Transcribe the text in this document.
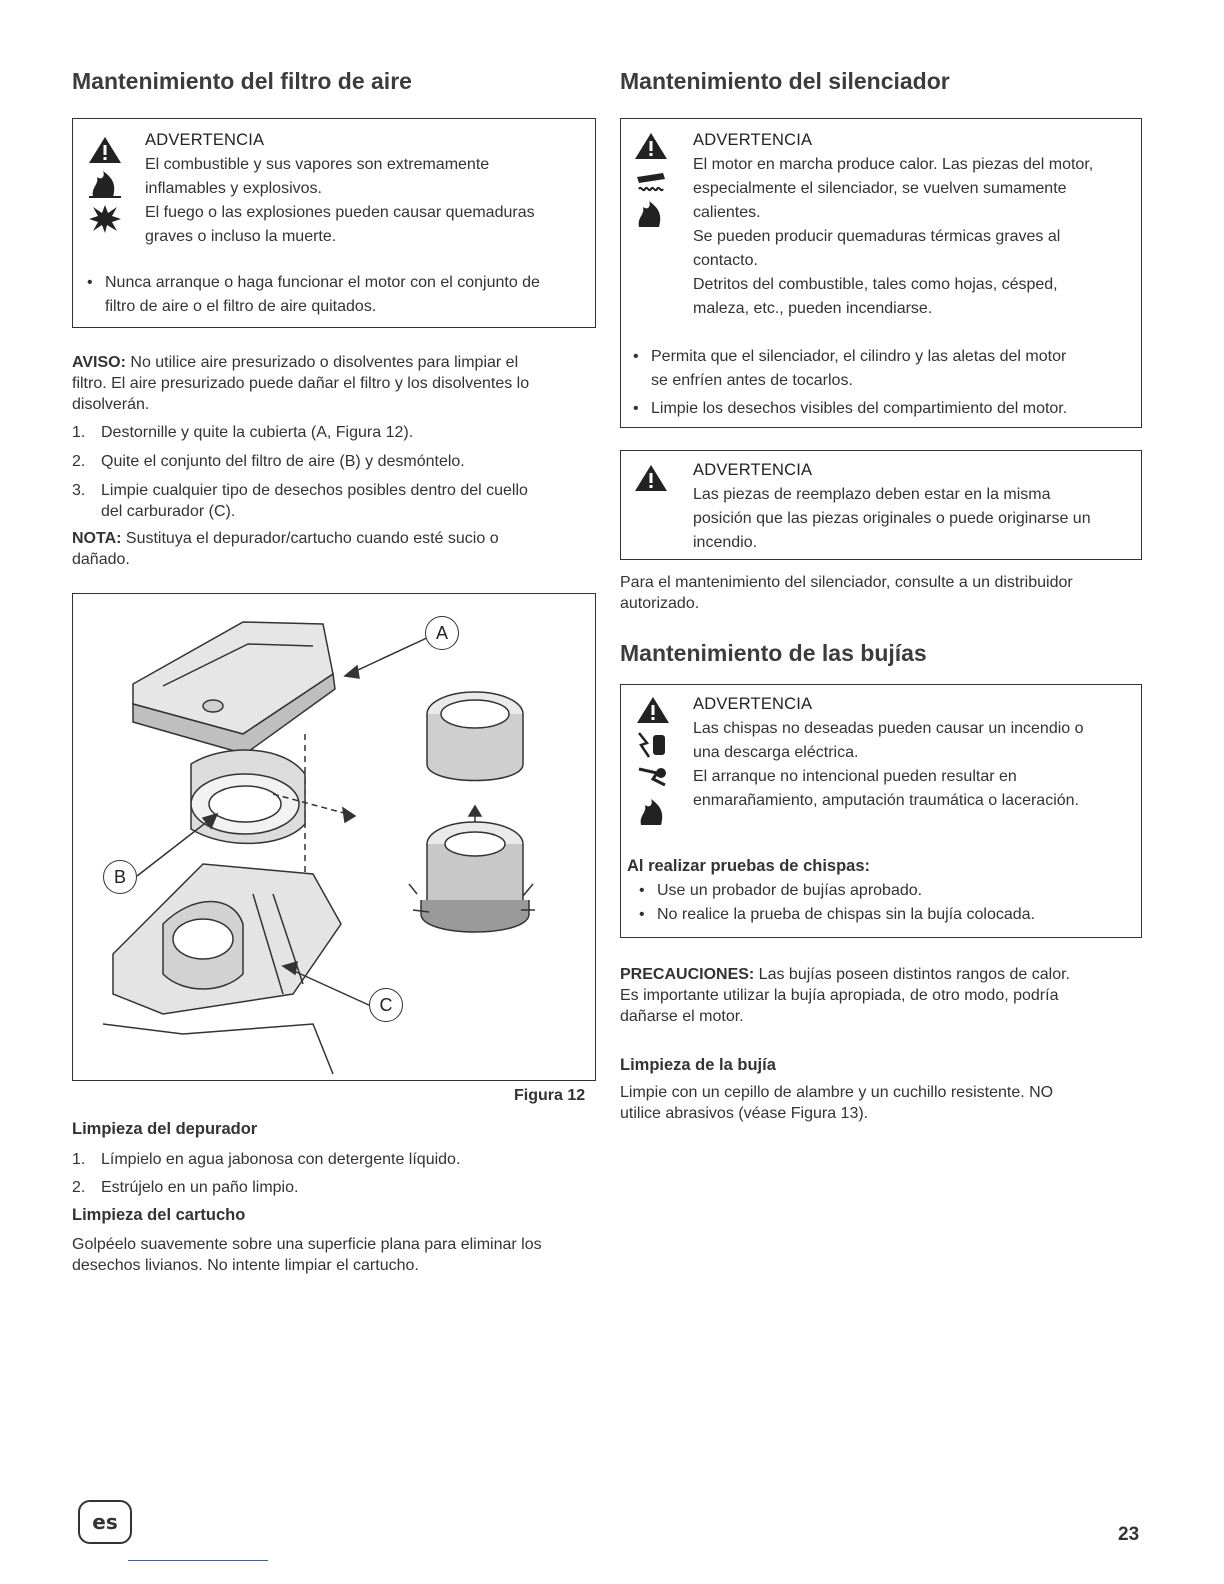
Mantenimiento del filtro de aire
ADVERTENCIA
El combustible y sus vapores son extremamente
inflamables y explosivos.
El fuego o las explosiones pueden causar quemaduras
graves o incluso la muerte.
• Nunca arranque o haga funcionar el motor con el conjunto de
filtro de aire o el filtro de aire quitados.
AVISO: No utilice aire presurizado o disolventes para limpiar el
filtro. El aire presurizado puede dañar el filtro y los disolventes lo
disolverán.
1. Destornille y quite la cubierta (A, Figura 12).
2. Quite el conjunto del filtro de aire (B) y desmóntelo.
3. Limpie cualquier tipo de desechos posibles dentro del cuello
del carburador (C).
NOTA: Sustituya el depurador/cartucho cuando esté sucio o
dañado.
A
B
C
Figura 12
Limpieza del depurador
1. Límpielo en agua jabonosa con detergente líquido.
2. Estrújelo en un paño limpio.
Limpieza del cartucho
Golpéelo suavemente sobre una superficie plana para eliminar los
desechos livianos. No intente limpiar el cartucho.
Mantenimiento del silenciador
ADVERTENCIA
El motor en marcha produce calor. Las piezas del motor,
especialmente el silenciador, se vuelven sumamente
calientes.
Se pueden producir quemaduras térmicas graves al
contacto.
Detritos del combustible, tales como hojas, césped,
maleza, etc., pueden incendiarse.
• Permita que el silenciador, el cilindro y las aletas del motor
se enfríen antes de tocarlos.
• Limpie los desechos visibles del compartimiento del motor.
ADVERTENCIA
Las piezas de reemplazo deben estar en la misma
posición que las piezas originales o puede originarse un
incendio.
Para el mantenimiento del silenciador, consulte a un distribuidor
autorizado.
Mantenimiento de las bujías
ADVERTENCIA
Las chispas no deseadas pueden causar un incendio o
una descarga eléctrica.
El arranque no intencional pueden resultar en
enmarañamiento, amputación traumática o laceración.
Al realizar pruebas de chispas:
• Use un probador de bujías aprobado.
• No realice la prueba de chispas sin la bujía colocada.
PRECAUCIONES: Las bujías poseen distintos rangos de calor.
Es importante utilizar la bujía apropiada, de otro modo, podría
dañarse el motor.
Limpieza de la bujía
Limpie con un cepillo de alambre y un cuchillo resistente. NO
utilice abrasivos (véase Figura 13).
es
23
